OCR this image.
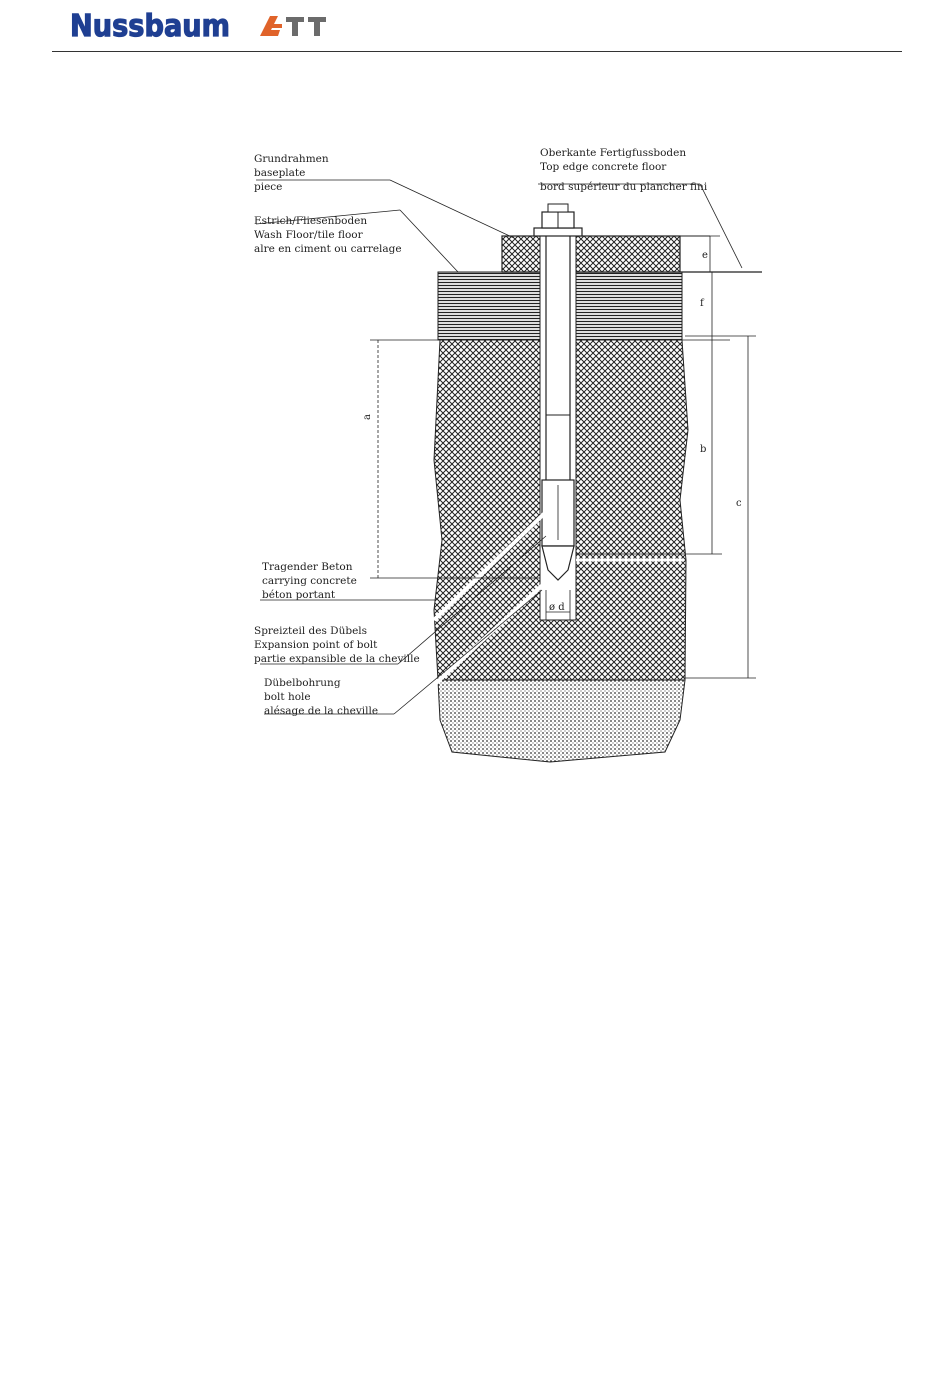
Nussbaum
ø d
a
e
f
b
c
Grundrahmen
baseplate
piece
Estrich/Fliesenboden
Wash Floor/tile floor
alre en ciment ou carrelage
Oberkante Fertigfussboden
Top edge concrete floor
bord supérieur du plancher fini
Tragender Beton
carrying concrete
béton portant
Spreizteil des Dübels
Expansion point of bolt
partie expansible de la cheville
Dübelbohrung
bolt hole
alésage de la cheville
